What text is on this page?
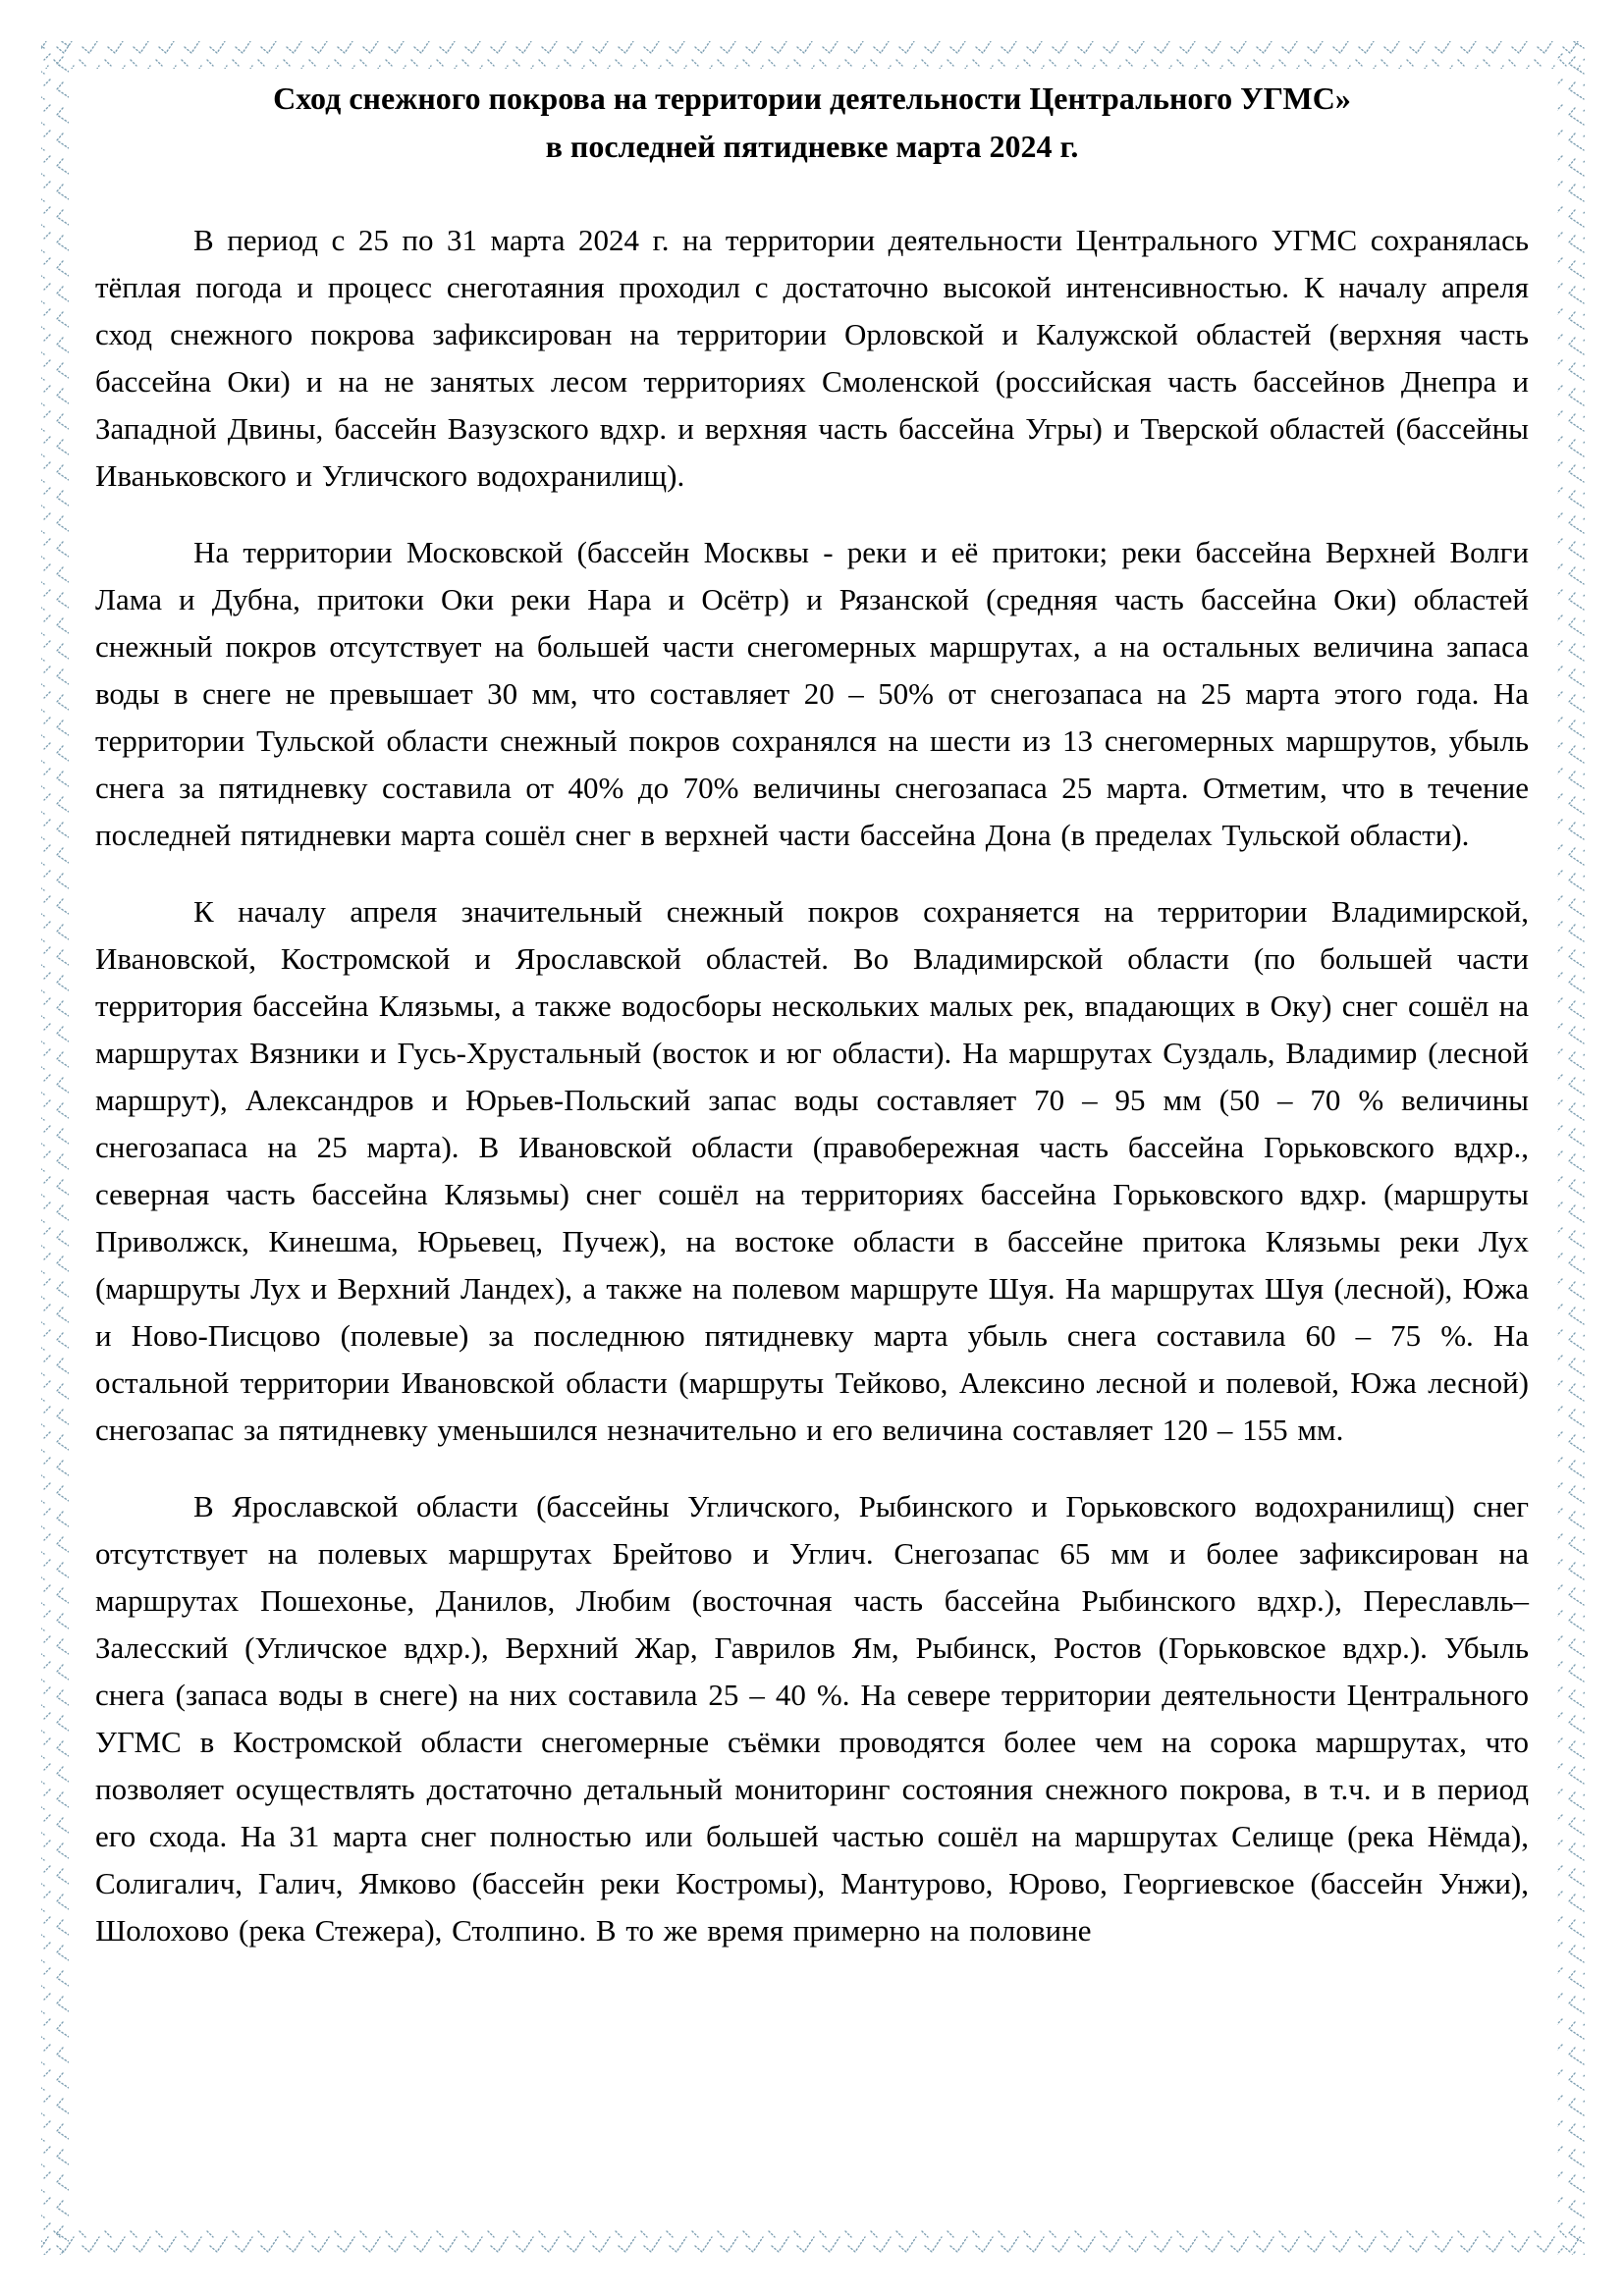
Сход снежного покрова на территории деятельности Центрального УГМС»
в последней пятидневке марта 2024 г.

В период с 25 по 31 марта 2024 г. на территории деятельности Центрального УГМС сохранялась тёплая погода и процесс снеготаяния проходил с достаточно высокой интенсивностью. К началу апреля сход снежного покрова зафиксирован на территории Орловской и Калужской областей (верхняя часть бассейна Оки) и на не занятых лесом территориях Смоленской (российская часть бассейнов Днепра и Западной Двины, бассейн Вазузского вдхр. и верхняя часть бассейна Угры) и Тверской областей (бассейны Иваньковского и Угличского водохранилищ).

На территории Московской (бассейн Москвы - реки и её притоки; реки бассейна Верхней Волги Лама и Дубна, притоки Оки реки Нара и Осётр) и Рязанской (средняя часть бассейна Оки) областей снежный покров отсутствует на большей части снегомерных маршрутах, а на остальных величина запаса воды в снеге не превышает 30 мм, что составляет 20 – 50% от снегозапаса на 25 марта этого года. На территории Тульской области снежный покров сохранялся на шести из 13 снегомерных маршрутов, убыль снега за пятидневку составила от 40% до 70% величины снегозапаса 25 марта. Отметим, что в течение последней пятидневки марта сошёл снег в верхней части бассейна Дона (в пределах Тульской области).

К началу апреля значительный снежный покров сохраняется на территории Владимирской, Ивановской, Костромской и Ярославской областей. Во Владимирской области (по большей части территория бассейна Клязьмы, а также водосборы нескольких малых рек, впадающих в Оку) снег сошёл на маршрутах Вязники и Гусь-Хрустальный (восток и юг области). На маршрутах Суздаль, Владимир (лесной маршрут), Александров и Юрьев-Польский запас воды составляет 70 – 95 мм (50 – 70 % величины снегозапаса на 25 марта). В Ивановской области (правобережная часть бассейна Горьковского вдхр., северная часть бассейна Клязьмы) снег сошёл на территориях бассейна Горьковского вдхр. (маршруты Приволжск, Кинешма, Юрьевец, Пучеж), на востоке области в бассейне притока Клязьмы реки Лух (маршруты Лух и Верхний Ландех), а также на полевом маршруте Шуя. На маршрутах Шуя (лесной), Южа и Ново-Писцово (полевые) за последнюю пятидневку марта убыль снега составила 60 – 75 %. На остальной территории Ивановской области (маршруты Тейково, Алексино лесной и полевой, Южа лесной) снегозапас за пятидневку уменьшился незначительно и его величина составляет 120 – 155 мм.

В Ярославской области (бассейны Угличского, Рыбинского и Горьковского водохранилищ) снег отсутствует на полевых маршрутах Брейтово и Углич. Снегозапас 65 мм и более зафиксирован на маршрутах Пошехонье, Данилов, Любим (восточная часть бассейна Рыбинского вдхр.), Переславль–Залесский (Угличское вдхр.), Верхний Жар, Гаврилов Ям, Рыбинск, Ростов (Горьковское вдхр.). Убыль снега (запаса воды в снеге) на них составила 25 – 40 %. На севере территории деятельности Центрального УГМС в Костромской области снегомерные съёмки проводятся более чем на сорока маршрутах, что позволяет осуществлять достаточно детальный мониторинг состояния снежного покрова, в т.ч. и в период его схода. На 31 марта снег полностью или большей частью сошёл на маршрутах Селище (река Нёмда), Солигалич, Галич, Ямково (бассейн реки Костромы), Мантурово, Юрово, Георгиевское (бассейн Унжи), Шолохово (река Стежера), Столпино. В то же время примерно на половине
